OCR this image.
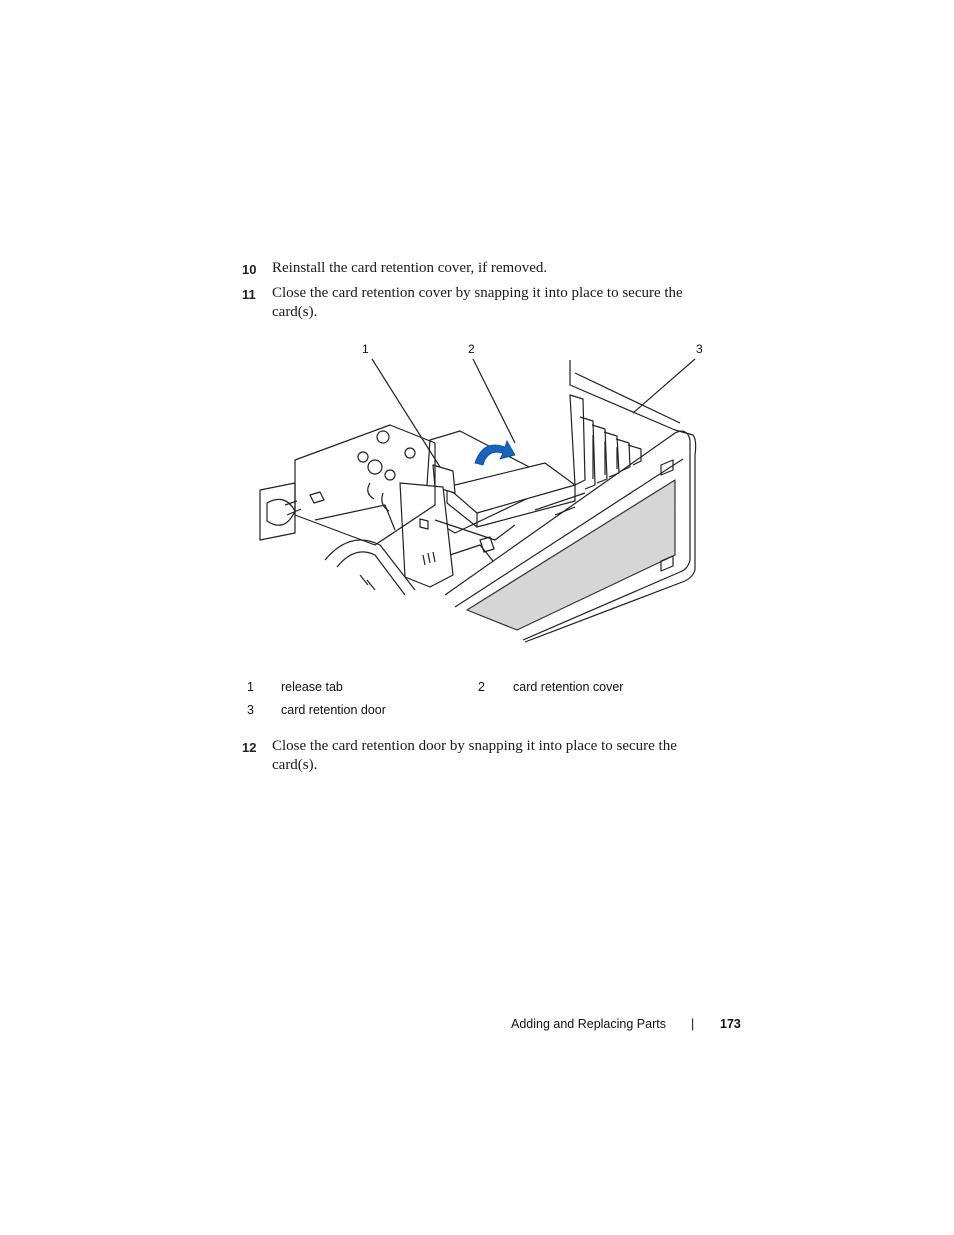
10 Reinstall the card retention cover, if removed.
11 Close the card retention cover by snapping it into place to secure the card(s).
1	2	3
1 release tab	2 card retention cover
3 card retention door
12 Close the card retention door by snapping it into place to secure the card(s).
Adding and Replacing Parts | 173
